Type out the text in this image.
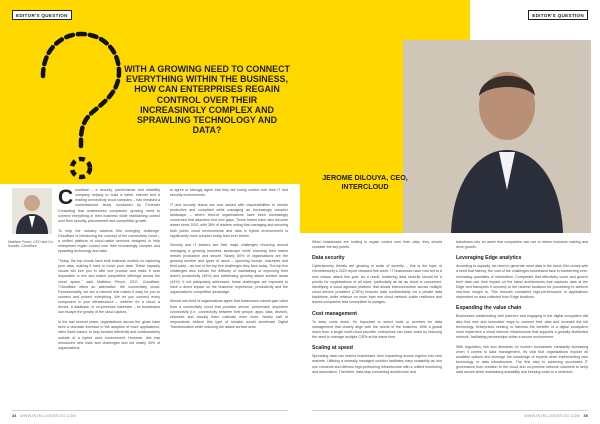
EDITOR'S QUESTION
WITH A GROWING NEED TO CONNECT EVERYTHING WITHIN THE BUSINESS, HOW CAN ENTERPRISES REGAIN CONTROL OVER THEIR INCREASINGLY COMPLEX AND SPRAWLING TECHNOLOGY AND DATA?
Matthew Prince, CEO and Co-founder, Cloudflare

Cloudflare – a security, performance and reliability company helping to build a better Internet and a leading connectivity cloud company – has released a commissioned study conducted by Forrester Consulting that underscores companies' growing need to connect everything in their business while maintaining control over their security, procurement and competitive growth.

To help the industry address this emerging challenge, Cloudflare is introducing the concept of the connectivity cloud – a unified platform of cloud-native services designed to help enterprises regain control over their increasingly complex and sprawling technology and data.

"Today, the top clouds have built business models on capturing your data, making it hard to move your data. These capacity clouds will lure you in with one product and make it near impossible to mix and match competitive offerings across the cloud space," said Matthew Prince, CEO, Cloudflare. "Cloudflare offers an alternative: the connectivity cloud. Fundamentally, we are a network that makes it easy for you to connect and protect everything. We let you connect every component in your infrastructure – whether it's a cloud, a device, a database, or on-premises hardware – so businesses can escape the gravity of the cloud captors."

In the last several years, organisations across the globe have seen a dramatic increase in the adoption of more applications, often SaaS-based, to help function efficiently and collaboratively outside of a hybrid work environment. However, this has introduced new risks and challenges and led nearly 40% of organisations

to agree or strongly agree that they are losing control over their IT and security environments.

IT and security teams are now tasked with responsibilities to remain productive and compliant while managing an increasingly complex landscape – where third-of organisations have been increasingly concerned that attackers find new gaps. These teams have also become leaner since 2020, with 38% of leaders noting that managing and securing both public cloud environments and data in hybrid environments is significantly more complex today than ever before.

Security and IT leaders see their major challenges revolving around managing a growing business landscape while ensuring their teams remain productive and secure. Nearly 80% of organisations are the growing number and types of users – spanning human, machines and third party – as one of the top five challenges they face today. The top five challenges also include the difficulty of maintaining or improving their team's productivity (46%) and addressing growing attack surface areas (44%). If not adequately addressed, these challenges are expected to have a direct impact on the business' experience, productivity and the organisation's competitive advantage.

Almost one-third of organisations agree that businesses cannot gain value from a connectivity cloud that provides secure, performant, anywhere connectivity (i.e., connectivity between their people, apps, data, devices, networks and clouds) them maintain even more. Nearly half of respondents believe this type of solution would accelerate Digital Transformation while reducing the attack surface area.

34 WWW.INTELLIGENTCIO.COM
EDITOR'S QUESTION
JEROME DILOUYA, CEO, INTERCLOUD

When businesses are looking to regain control over their data, they should consider the key points.

Data security

Cybersecurity threats are growing in scale of severity – this is the topic of Hornetsecurity's 2023 report released this week. IT businesses have now felt to a new reason attack this year. As a result, bolstering data security should be a priority for organisations of all sizes, particularly as far as cloud is concerned. Identifying a cloud agnostic platform that allows interconnection across multiple cloud service providers (CSPs) ensures data confidentiality via a private data backbone, while reliance on more than one cloud network builds resilience and leaves companies less susceptible to outages.

Cost management

To keep costs down, it's important to select tools or services for data management that closely align with the needs of the business. With a global reach from a single multi-cloud provider, enterprises can lower costs by reducing the need to manage multiple CSPs at the same time.

Scaling at speed

Spreading data can restrict businesses from expanding across regions into new markets. Utilising a centrally managed solution facilitates easy scalability as one one connects and delivers high-performing infrastructure with a unified monitoring and automation. Therefore, data stay connecting architecture and

transforms into an asset that companies can use to inform business making and drive growth.

Leveraging Edge analytics

According to capacity, we need to generate more data in the cloud; this comes with a need that latency, the cost of the challenges businesses face in transferring ever-increasing quantities of information. Companies that effectively cover and govern their data use their impact on the latest architectures that captures data at the Edge and transports it securely to the nearest locations for processing to achieve real-time insight to. This ensures consistent high-performance of applications dependent on data collected from Edge locations.

Expanding the value chain

Businesses collaborating with partners and engaging in the digital ecosystem will also find new and innovative ways to connect their data and increase the full technology. Enterprises seeking to harness the benefits of a digital ecosystem must implement a cloud network infrastructure that supports a globally distributed network, facilitating partnerships within a secure environment.

With regulation, risk and demands on modern businesses constantly increasing when it comes to data management, it's vital that organisations explore all available options and leverage the knowledge of experts when implementing new technology or data infrastructure. The first step to achieving successful IT governance from creation to the cloud and on-premise network channels to keep data secure while maintaining scalability and keeping costs to a minimum.

WWW.INTELLIGENTCIO.COM 35
